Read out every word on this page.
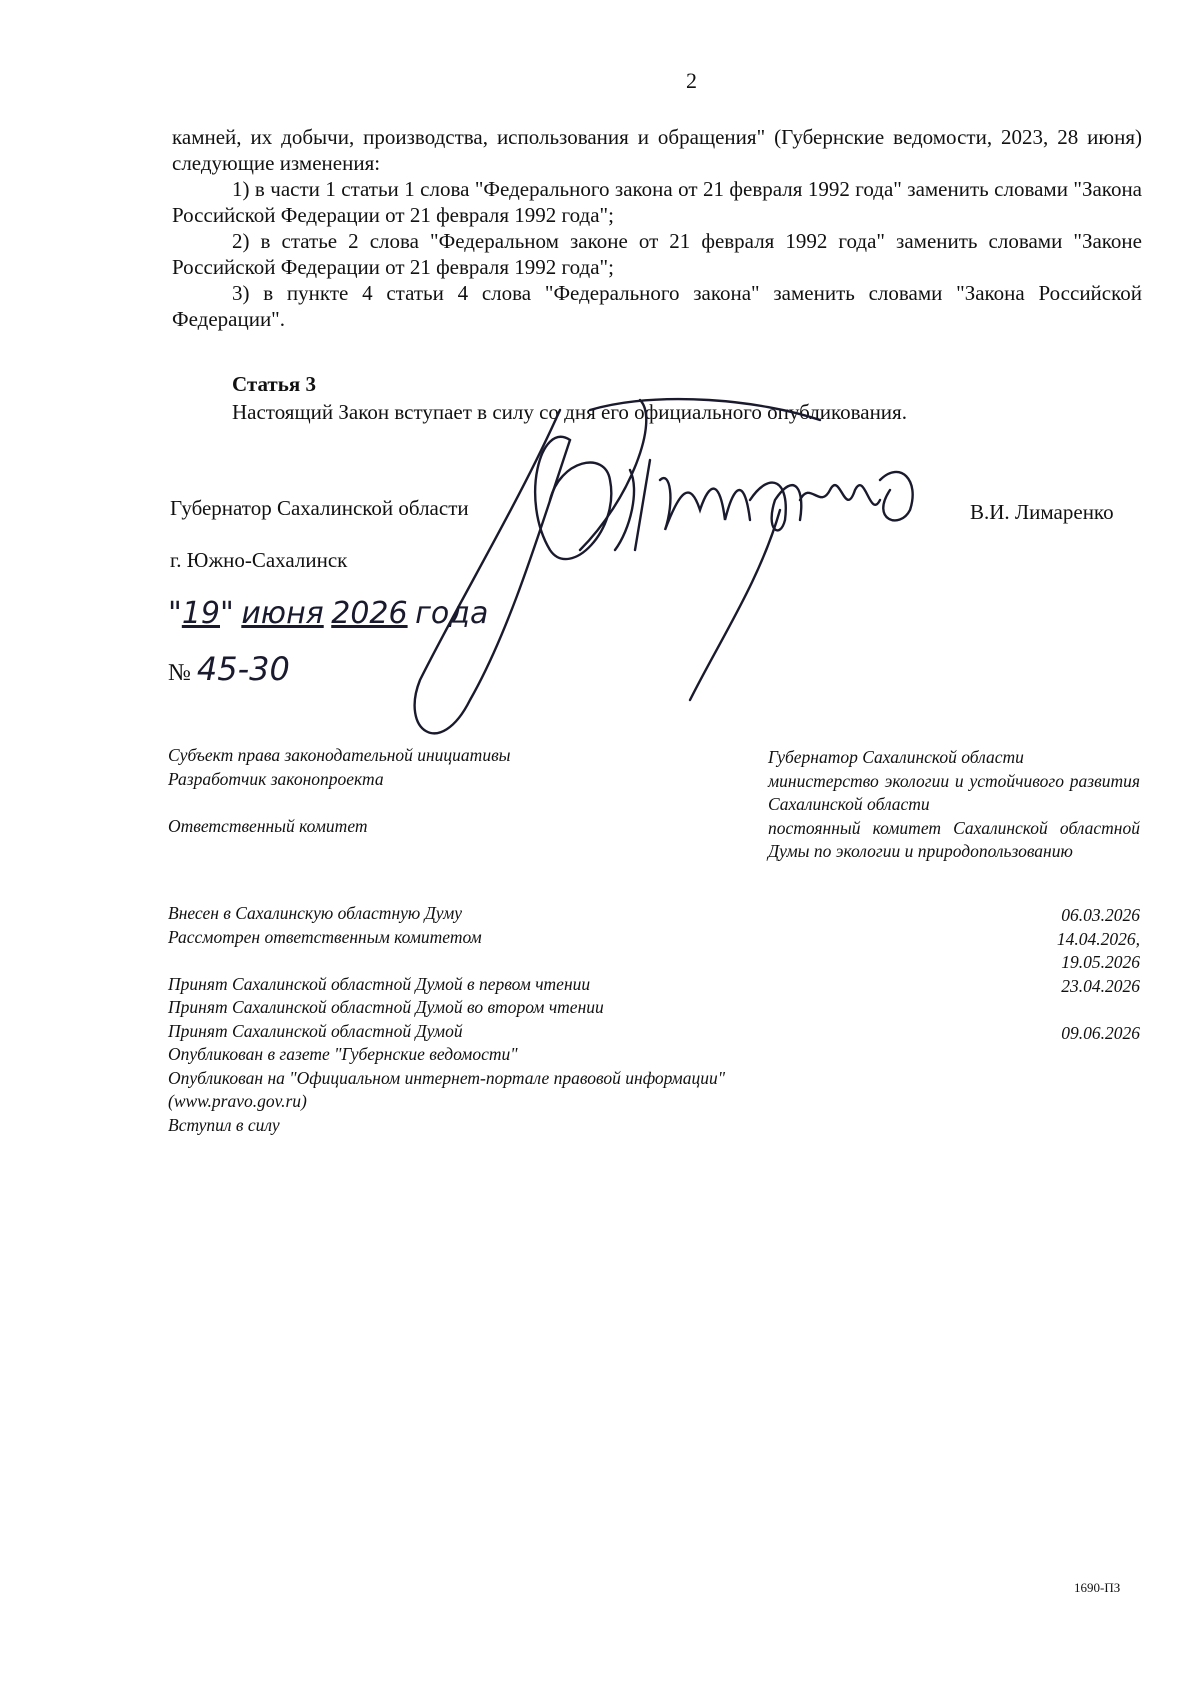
2

камней, их добычи, производства, использования и обращения" (Губернские ведомости, 2023, 28 июня) следующие изменения:

1) в части 1 статьи 1 слова "Федерального закона от 21 февраля 1992 года" заменить словами "Закона Российской Федерации от 21 февраля 1992 года";

2) в статье 2 слова "Федеральном законе от 21 февраля 1992 года" заменить словами "Законе Российской Федерации от 21 февраля 1992 года";

3) в пункте 4 статьи 4 слова "Федерального закона" заменить словами "Закона Российской Федерации".

Статья 3
Настоящий Закон вступает в силу со дня его официального опубликования.
Губернатор Сахалинской области	В.И. Лимаренко
г. Южно-Сахалинск
"19" июня 2026 года
№ 45-30

Субъект права законодательной инициативы

Разработчик законопроекта

Ответственный комитет

Губернатор Сахалинской области

министерство экологии и устойчивого развития Сахалинской области

постоянный комитет Сахалинской областной Думы по экологии и природопользованию

Внесен в Сахалинскую областную Думу

Рассмотрен ответственным комитетом

Принят Сахалинской областной Думой в первом чтении

Принят Сахалинской областной Думой во втором чтении

Принят Сахалинской областной Думой

Опубликован в газете "Губернские ведомости"

Опубликован на "Официальном интернет-портале правовой информации" (www.pravo.gov.ru)

Вступил в силу

06.03.2026

14.04.2026,

19.05.2026

23.04.2026

09.06.2026

1690-ПЗ
